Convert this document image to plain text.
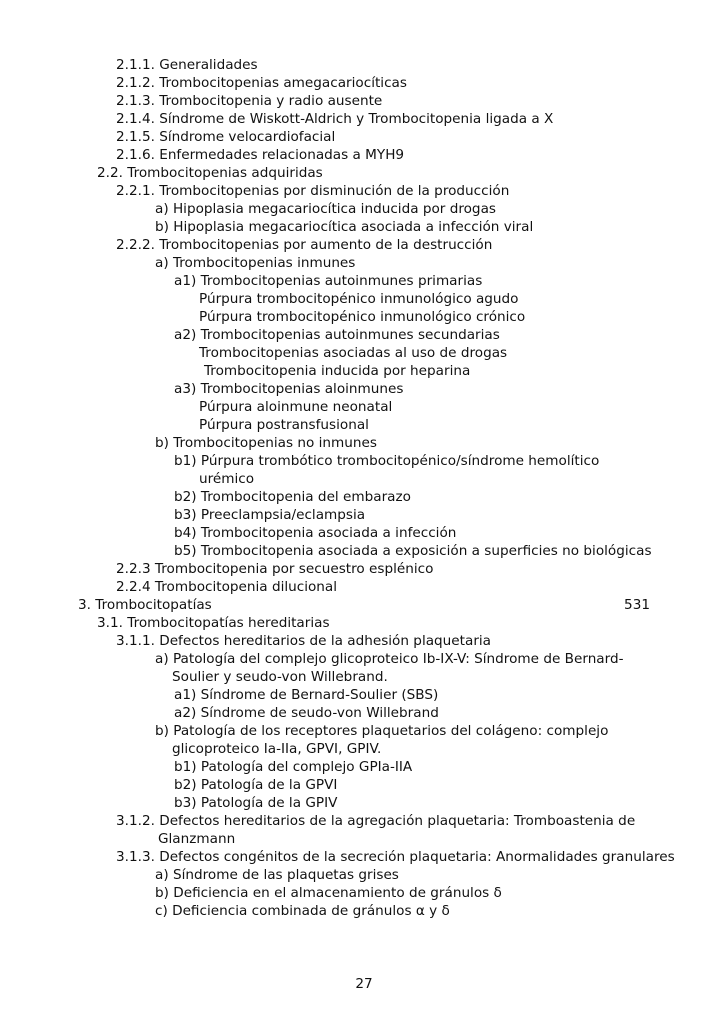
2.1.1. Generalidades
2.1.2. Trombocitopenias amegacariocíticas
2.1.3. Trombocitopenia y radio ausente
2.1.4. Síndrome de Wiskott-Aldrich y Trombocitopenia ligada a X
2.1.5. Síndrome velocardiofacial
2.1.6. Enfermedades relacionadas a MYH9
2.2. Trombocitopenias adquiridas
2.2.1. Trombocitopenias por disminución de la producción
a) Hipoplasia megacariocítica inducida por drogas
b) Hipoplasia megacariocítica asociada a infección viral
2.2.2. Trombocitopenias por aumento de la destrucción
a) Trombocitopenias inmunes
a1) Trombocitopenias autoinmunes primarias
Púrpura trombocitopénico inmunológico agudo
Púrpura trombocitopénico inmunológico crónico
a2) Trombocitopenias autoinmunes secundarias
Trombocitopenias asociadas al uso de drogas
Trombocitopenia inducida por heparina
a3) Trombocitopenias aloinmunes
Púrpura aloinmune neonatal
Púrpura postransfusional
b) Trombocitopenias no inmunes
b1) Púrpura trombótico trombocitopénico/síndrome hemolítico
urémico
b2) Trombocitopenia del embarazo
b3) Preeclampsia/eclampsia
b4) Trombocitopenia asociada a infección
b5) Trombocitopenia asociada a exposición a superficies no biológicas
2.2.3 Trombocitopenia por secuestro esplénico
2.2.4 Trombocitopenia dilucional
3. Trombocitopatías	531
3.1. Trombocitopatías hereditarias
3.1.1. Defectos hereditarios de la adhesión plaquetaria
a) Patología del complejo glicoproteico Ib-IX-V: Síndrome de Bernard-
Soulier y seudo-von Willebrand.
a1) Síndrome de Bernard-Soulier (SBS)
a2) Síndrome de seudo-von Willebrand
b) Patología de los receptores plaquetarios del colágeno: complejo
glicoproteico Ia-IIa, GPVI, GPIV.
b1) Patología del complejo GPIa-IIA
b2) Patología de la GPVI
b3) Patología de la GPIV
3.1.2. Defectos hereditarios de la agregación plaquetaria: Tromboastenia de
Glanzmann
3.1.3. Defectos congénitos de la secreción plaquetaria: Anormalidades granulares
a) Síndrome de las plaquetas grises
b) Deficiencia en el almacenamiento de gránulos δ
c) Deficiencia combinada de gránulos α y δ
27
